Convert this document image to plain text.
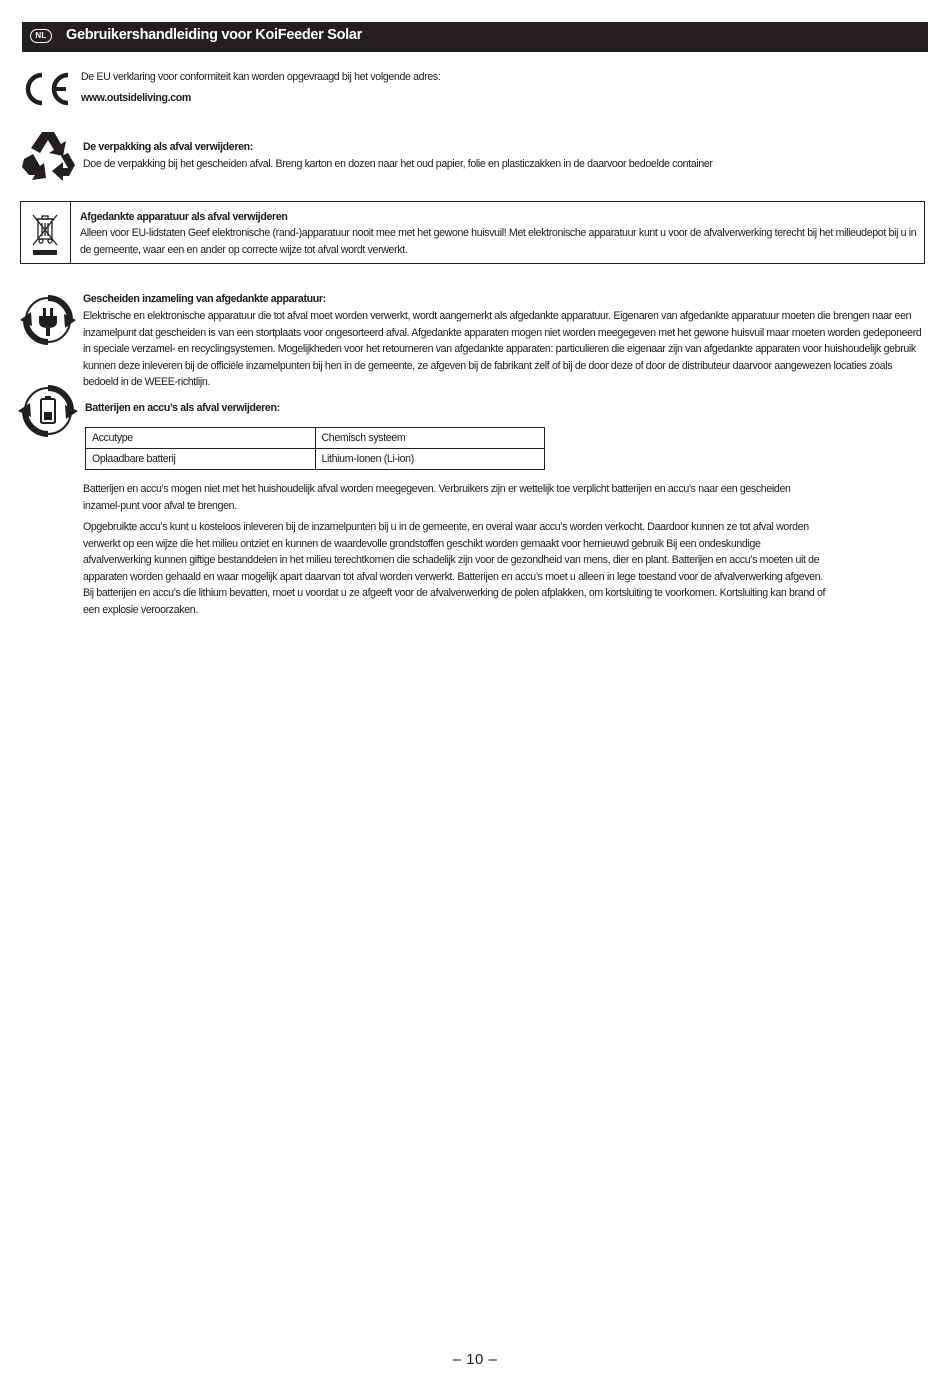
NL	Gebruikershandleiding voor KoiFeeder Solar
De EU verklaring voor conformiteit kan worden opgevraagd bij het volgende adres:
www.outsideliving.com
De verpakking als afval verwijderen:
Doe de verpakking bij het gescheiden afval. Breng karton en dozen naar het oud papier, folie en plasticzakken in de daarvoor bedoelde container
Afgedankte apparatuur als afval verwijderen
Alleen voor EU-lidstaten Geef elektronische (rand-)apparatuur nooit mee met het gewone huisvuil! Met elektronische apparatuur kunt u voor de afvalverwerking terecht bij het milieudepot bij u in de gemeente, waar een en ander op correcte wijze tot afval wordt verwerkt.
Gescheiden inzameling van afgedankte apparatuur:
Elektrische en elektronische apparatuur die tot afval moet worden verwerkt, wordt aangemerkt als afgedankte apparatuur. Eigenaren van afgedankte apparatuur moeten die brengen naar een inzamelpunt dat gescheiden is van een stortplaats voor ongesorteerd afval. Afgedankte apparaten mogen niet worden meegegeven met het gewone huisvuil maar moeten worden gedeponeerd in speciale verzamel- en recyclingsystemen. Mogelijkheden voor het retourneren van afgedankte apparaten: particulieren die eigenaar zijn van afgedankte apparaten voor huishoudelijk gebruik kunnen deze inleveren bij de officiële inzamelpunten bij hen in de gemeente, ze afgeven bij de fabrikant zelf of bij de door deze of door de distributeur daarvoor aangewezen locaties zoals bedoeld in de WEEE-richtlijn.
Batterijen en accu’s als afval verwijderen:
Accutype	Chemisch systeem
Oplaadbare batterij	Lithium-Ionen (Li-ion)
Batterijen en accu’s mogen niet met het huishoudelijk afval worden meegegeven. Verbruikers zijn er wettelijk toe verplicht batterijen en accu’s naar een gescheiden inzamel-punt voor afval te brengen.
Opgebruikte accu’s kunt u kosteloos inleveren bij de inzamelpunten bij u in de gemeente, en overal waar accu’s worden verkocht. Daardoor kunnen ze tot afval worden verwerkt op een wijze die het milieu ontziet en kunnen de waardevolle grondstoffen geschikt worden gemaakt voor hernieuwd gebruik Bij een ondeskundige afvalverwerking kunnen giftige bestanddelen in het milieu terechtkomen die schadelijk zijn voor de gezondheid van mens, dier en plant. Batterijen en accu’s moeten uit de apparaten worden gehaald en waar mogelijk apart daarvan tot afval worden verwerkt. Batterijen en accu’s moet u alleen in lege toestand voor de afvalverwerking afgeven. Bij batterijen en accu’s die lithium bevatten, moet u voordat u ze afgeeft voor de afvalverwerking de polen afplakken, om kortsluiting te voorkomen. Kortsluiting kan brand of een explosie veroorzaken.
– 10 –
